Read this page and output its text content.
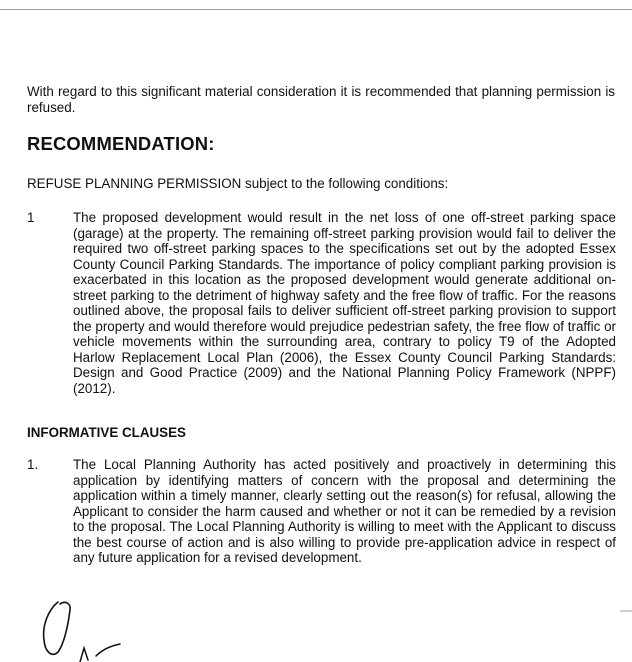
With regard to this significant material consideration it is recommended that planning permission is refused.

RECOMMENDATION:

REFUSE PLANNING PERMISSION subject to the following conditions:

1	The proposed development would result in the net loss of one off-street parking space (garage) at the property. The remaining off-street parking provision would fail to deliver the required two off-street parking spaces to the specifications set out by the adopted Essex County Council Parking Standards. The importance of policy compliant parking provision is exacerbated in this location as the proposed development would generate additional on-street parking to the detriment of highway safety and the free flow of traffic. For the reasons outlined above, the proposal fails to deliver sufficient off-street parking provision to support the property and would therefore would prejudice pedestrian safety, the free flow of traffic or vehicle movements within the surrounding area, contrary to policy T9 of the Adopted Harlow Replacement Local Plan (2006), the Essex County Council Parking Standards: Design and Good Practice (2009) and the National Planning Policy Framework (NPPF) (2012).

INFORMATIVE CLAUSES
1.	The Local Planning Authority has acted positively and proactively in determining this application by identifying matters of concern with the proposal and determining the application within a timely manner, clearly setting out the reason(s) for refusal, allowing the Applicant to consider the harm caused and whether or not it can be remedied by a revision to the proposal. The Local Planning Authority is willing to meet with the Applicant to discuss the best course of action and is also willing to provide pre-application advice in respect of any future application for a revised development.
